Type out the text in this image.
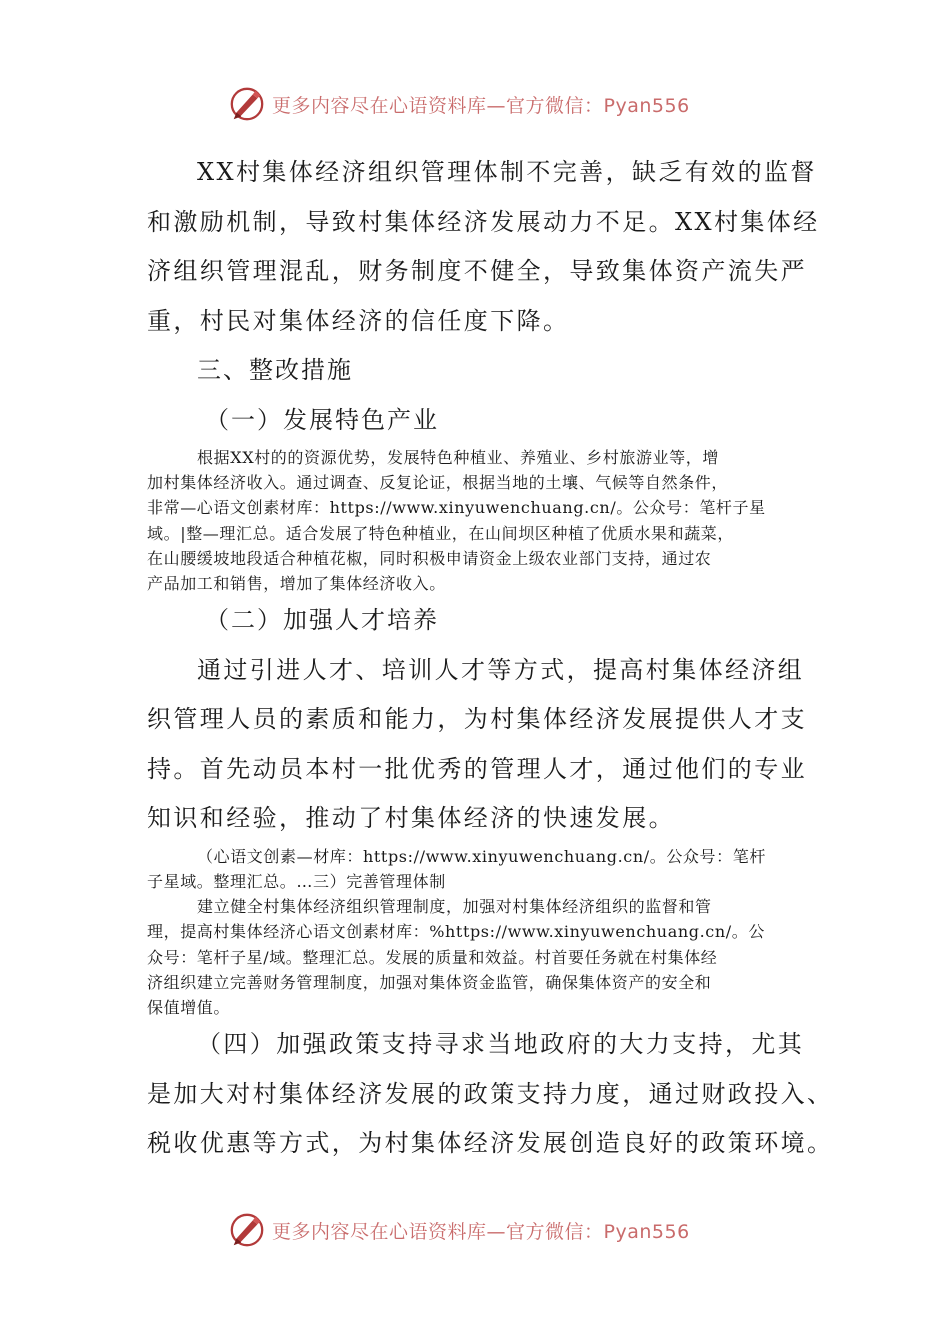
更多内容尽在心语资料库—官方微信：Pyan556

XX村集体经济组织管理体制不完善，缺乏有效的监督

和激励机制，导致村集体经济发展动力不足。XX村集体经

济组织管理混乱，财务制度不健全，导致集体资产流失严

重，村民对集体经济的信任度下降。

三、整改措施

（一）发展特色产业

根据XX村的的资源优势，发展特色种植业、养殖业、乡村旅游业等，增

加村集体经济收入。通过调查、反复论证，根据当地的土壤、气候等自然条件，

非常—心语文创素材库：https://www.xinyuwenchuang.cn/。公众号：笔杆子星

域。|整—理汇总。适合发展了特色种植业，在山间坝区种植了优质水果和蔬菜，

在山腰缓坡地段适合种植花椒，同时积极申请资金上级农业部门支持，通过农

产品加工和销售，增加了集体经济收入。

（二）加强人才培养

通过引进人才、培训人才等方式，提高村集体经济组

织管理人员的素质和能力，为村集体经济发展提供人才支

持。首先动员本村一批优秀的管理人才，通过他们的专业

知识和经验，推动了村集体经济的快速发展。

（心语文创素—材库：https://www.xinyuwenchuang.cn/。公众号：笔杆

子星域。整理汇总。…三）完善管理体制

建立健全村集体经济组织管理制度，加强对村集体经济组织的监督和管

理，提高村集体经济心语文创素材库：%https://www.xinyuwenchuang.cn/。公

众号：笔杆子星/域。整理汇总。发展的质量和效益。村首要任务就在村集体经

济组织建立完善财务管理制度，加强对集体资金监管，确保集体资产的安全和

保值增值。

（四）加强政策支持寻求当地政府的大力支持，尤其

是加大对村集体经济发展的政策支持力度，通过财政投入、

税收优惠等方式，为村集体经济发展创造良好的政策环境。

更多内容尽在心语资料库—官方微信：Pyan556
